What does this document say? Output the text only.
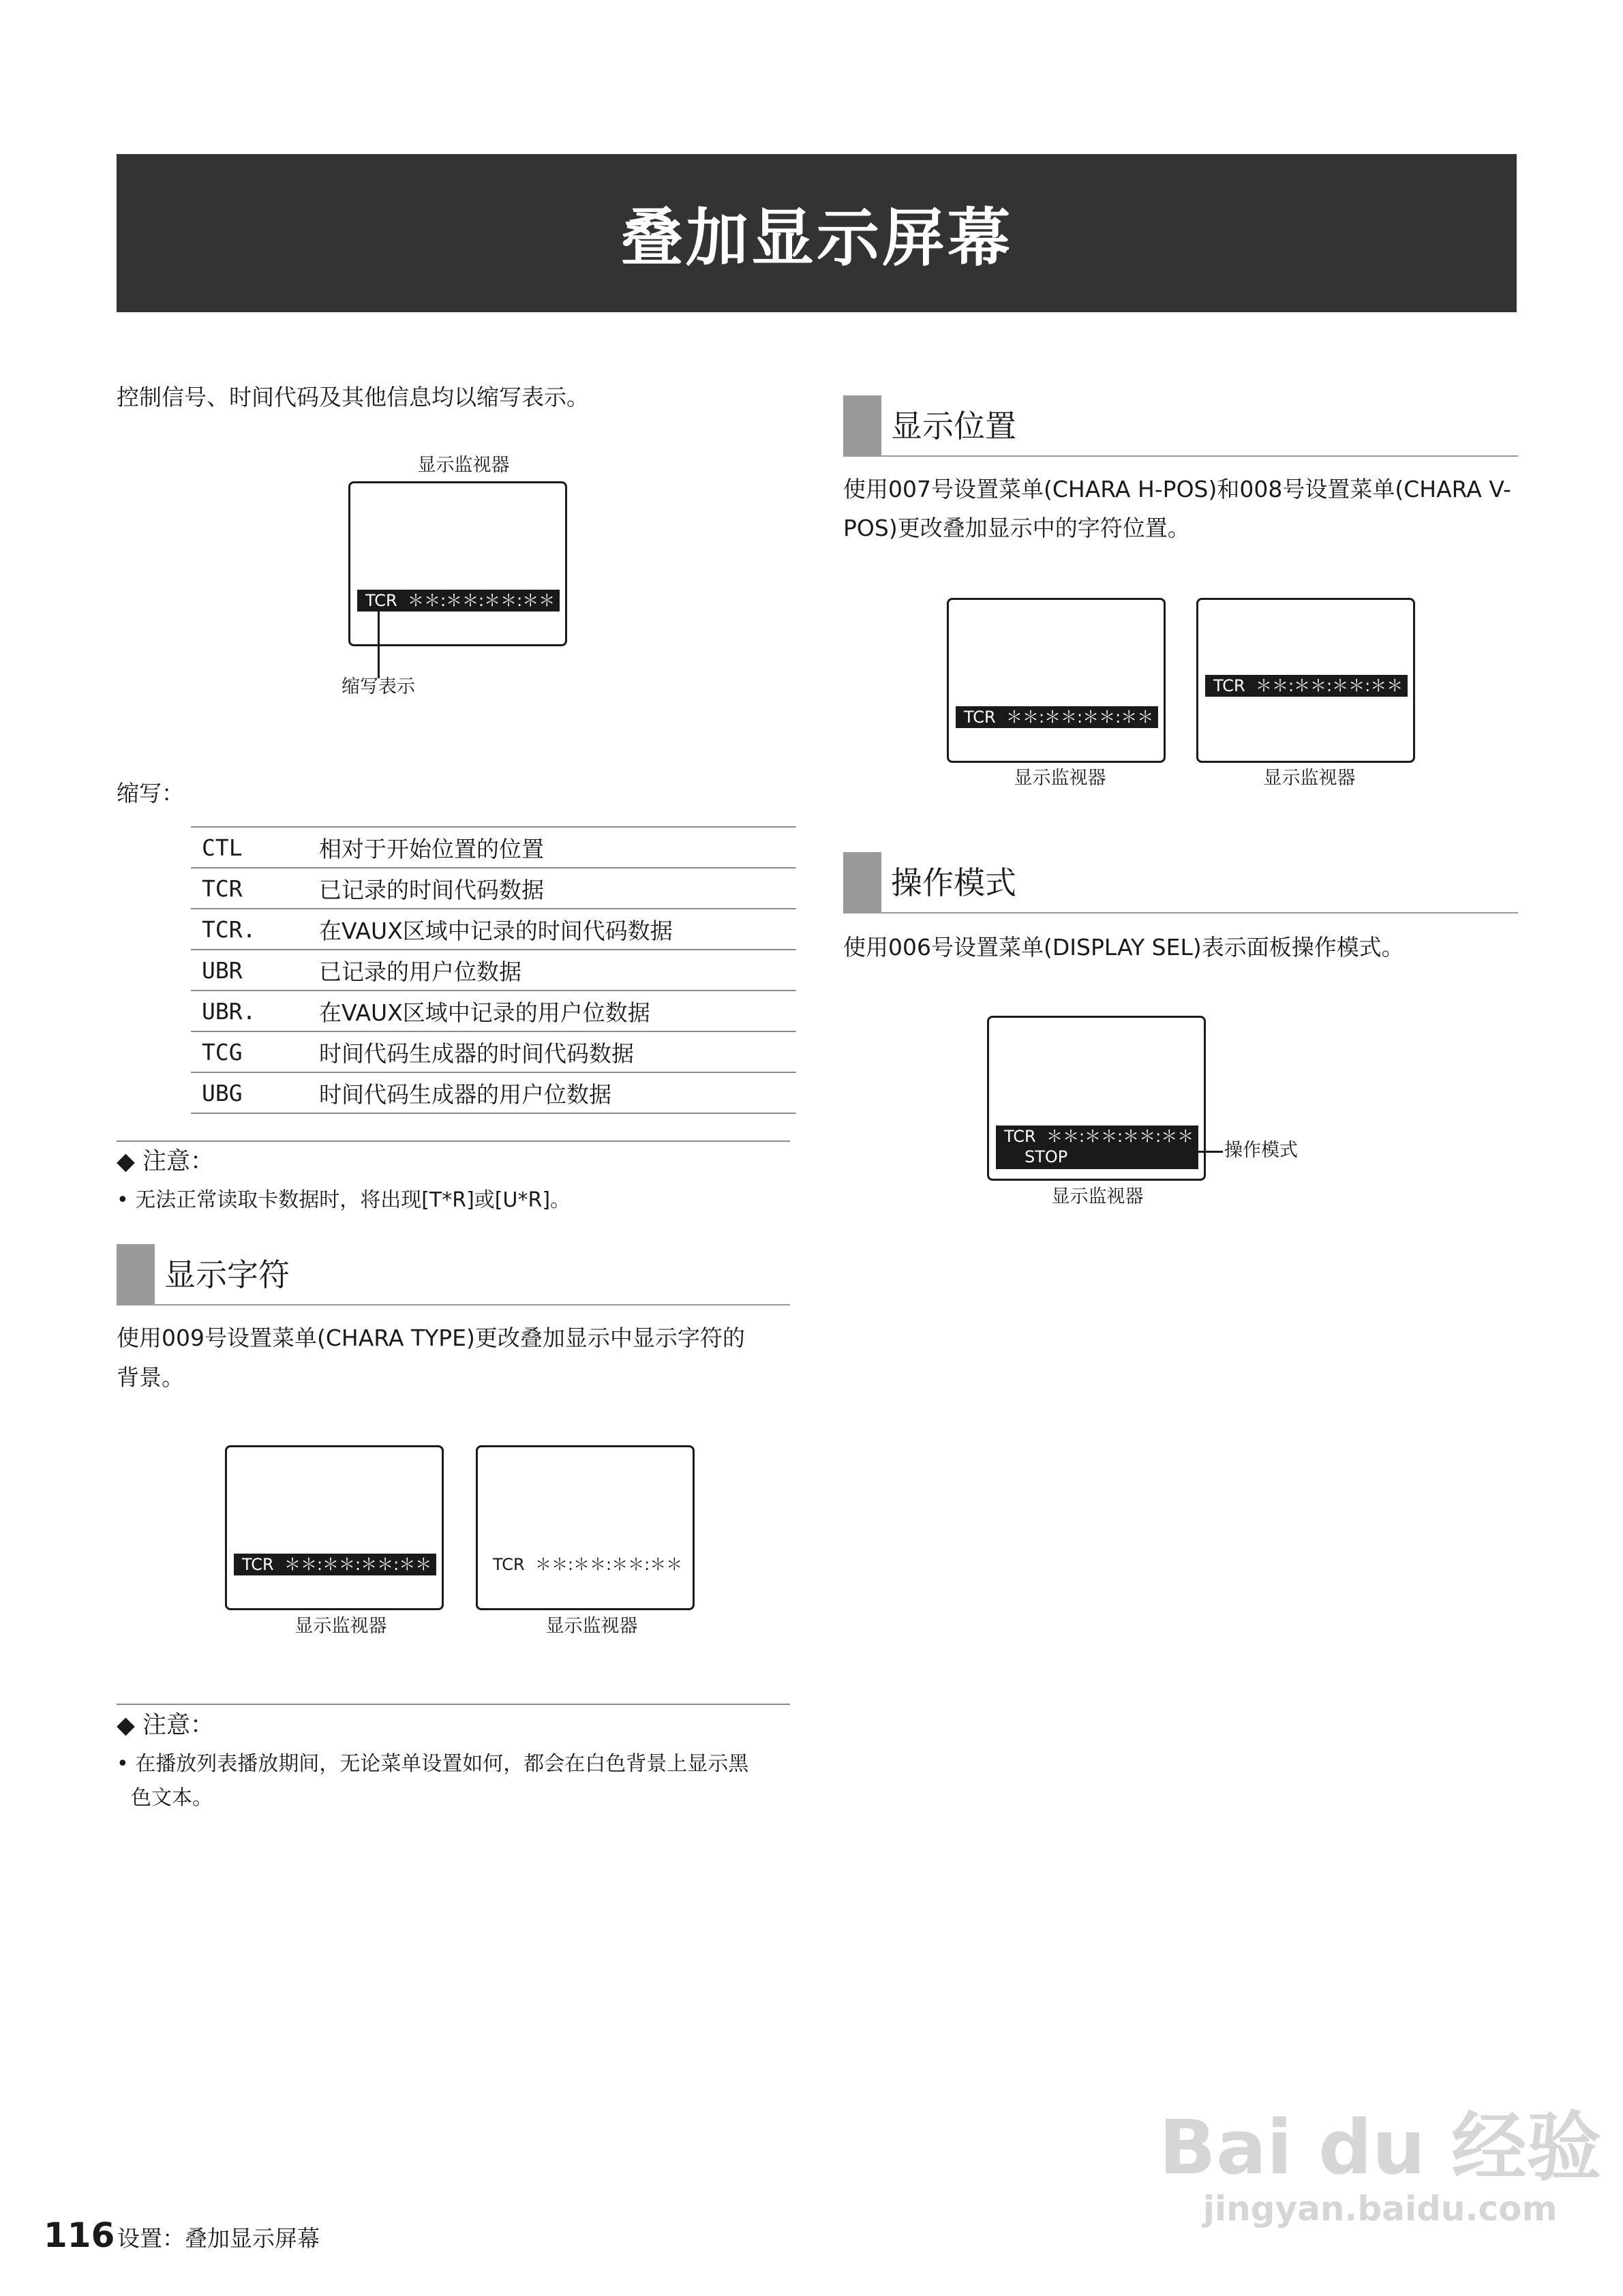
叠加显示屏幕
控制信号、时间代码及其他信息均以缩写表示。
显示监视器
TCR  ＊＊:＊＊:＊＊:＊＊
缩写表示
缩写：
CTL	相对于开始位置的位置
TCR	已记录的时间代码数据
TCR.	在VAUX区域中记录的时间代码数据
UBR	已记录的用户位数据
UBR.	在VAUX区域中记录的用户位数据
TCG	时间代码生成器的时间代码数据
UBG	时间代码生成器的用户位数据
◆ 注意：
• 无法正常读取卡数据时，将出现[T*R]或[U*R]。
显示字符
使用009号设置菜单(CHARA TYPE)更改叠加显示中显示字符的
背景。
TCR  ＊＊:＊＊:＊＊:＊＊	TCR  ＊＊:＊＊:＊＊:＊＊
显示监视器	显示监视器
◆ 注意：
• 在播放列表播放期间，无论菜单设置如何，都会在白色背景上显示黑
色文本。
显示位置
使用007号设置菜单(CHARA H-POS)和008号设置菜单(CHARA V-
POS)更改叠加显示中的字符位置。
TCR  ＊＊:＊＊:＊＊:＊＊
TCR  ＊＊:＊＊:＊＊:＊＊
显示监视器	显示监视器
操作模式
使用006号设置菜单(DISPLAY SEL)表示面板操作模式。
TCR  ＊＊:＊＊:＊＊:＊＊
STOP	操作模式
显示监视器
116 设置：叠加显示屏幕
Bai du 经验
jingyan.baidu.com
